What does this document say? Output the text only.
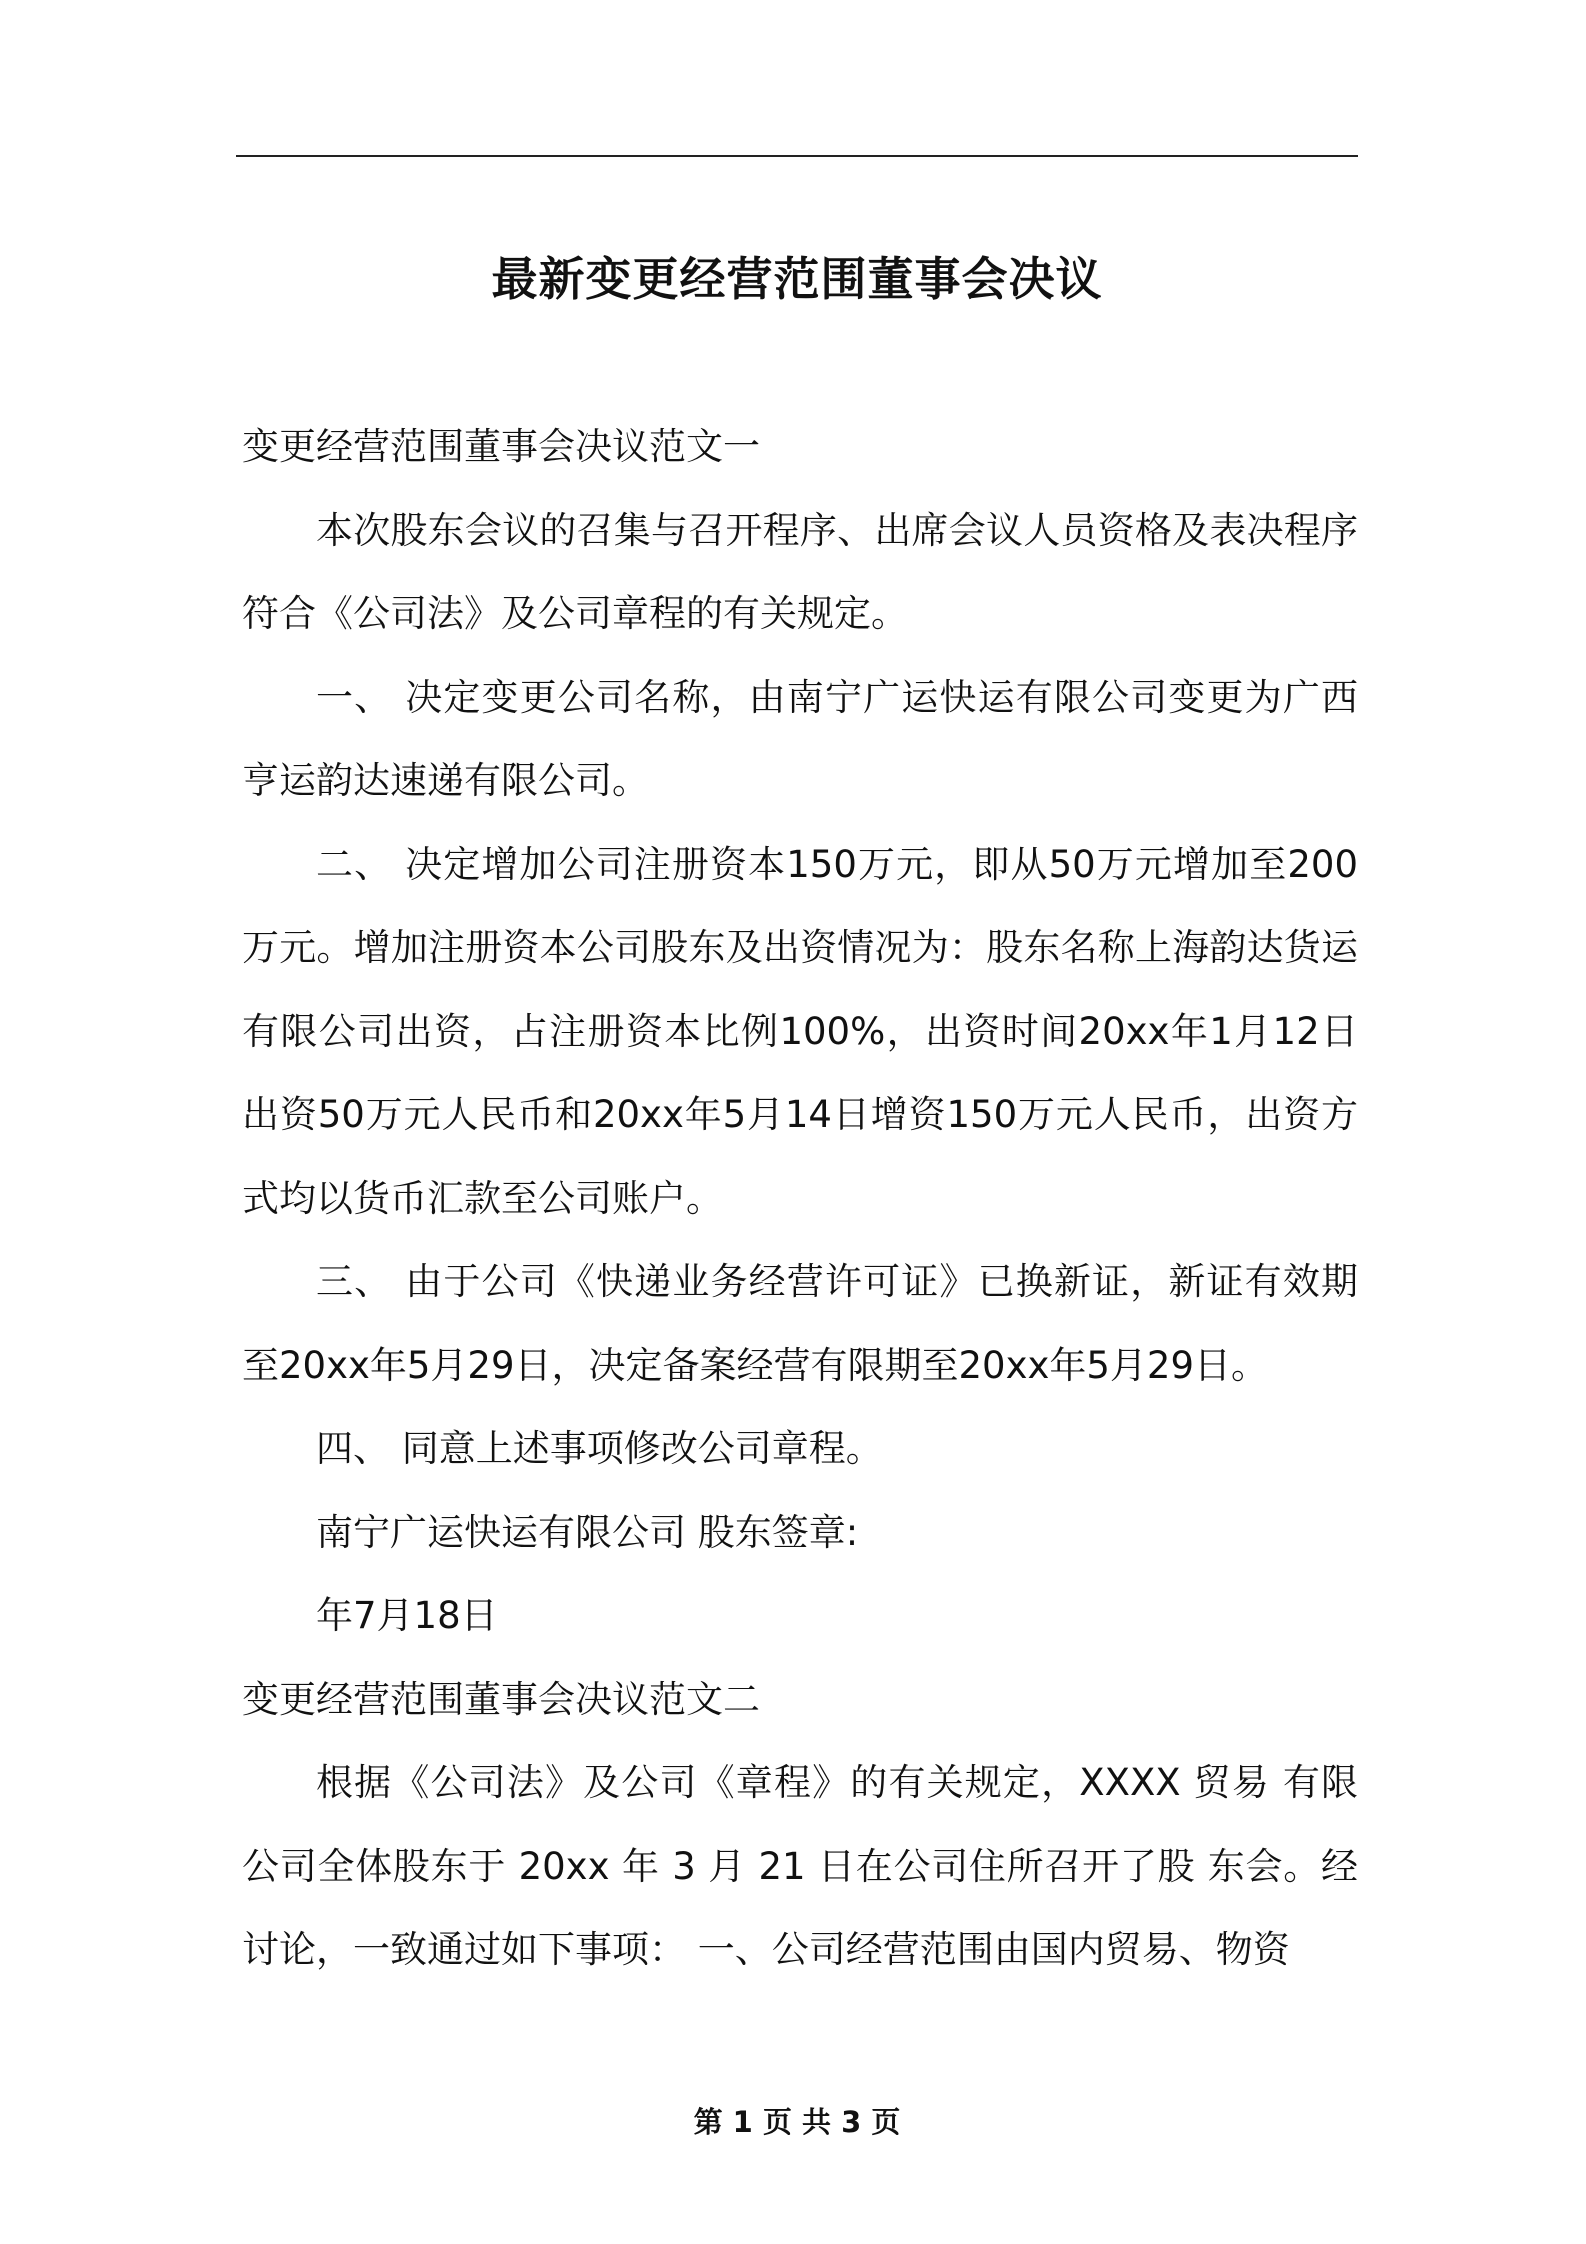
最新变更经营范围董事会决议

变更经营范围董事会决议范文一

本次股东会议的召集与召开程序、出席会议人员资格及表决程序符合《公司法》及公司章程的有关规定。

一、 决定变更公司名称，由南宁广运快运有限公司变更为广西亨运韵达速递有限公司。

二、 决定增加公司注册资本150万元，即从50万元增加至200万元。增加注册资本公司股东及出资情况为：股东名称上海韵达货运有限公司出资，占注册资本比例100%，出资时间20xx年1月12日出资50万元人民币和20xx年5月14日增资150万元人民币，出资方式均以货币汇款至公司账户。

三、 由于公司《快递业务经营许可证》已换新证，新证有效期至20xx年5月29日，决定备案经营有限期至20xx年5月29日。

四、 同意上述事项修改公司章程。

南宁广运快运有限公司 股东签章:

年7月18日

变更经营范围董事会决议范文二

根据《公司法》及公司《章程》的有关规定，XXXX 贸易 有限公司全体股东于 20xx 年 3 月 21 日在公司住所召开了股 东会。经讨论，一致通过如下事项： 一、公司经营范围由国内贸易、物资

第 1 页 共 3 页
